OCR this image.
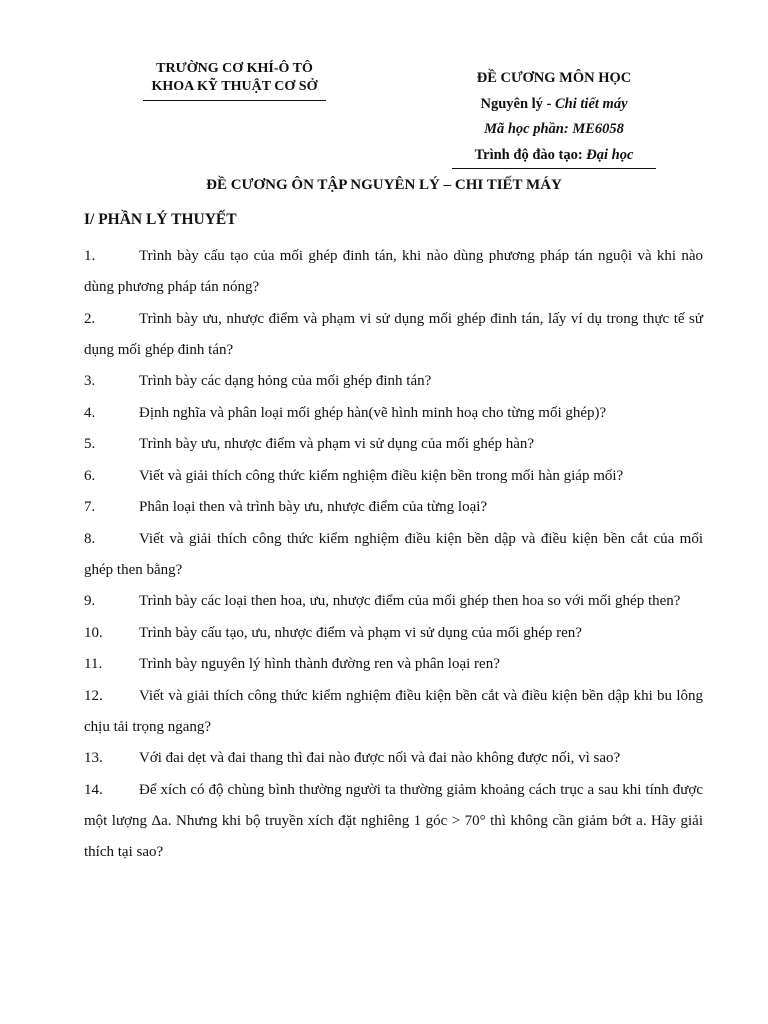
TRƯỜNG CƠ KHÍ-Ô TÔ
KHOA KỸ THUẬT CƠ SỞ
ĐỀ CƯƠNG MÔN HỌC
Nguyên lý - Chi tiết máy
Mã học phần: ME6058
Trình độ đào tạo: Đại học
ĐỀ CƯƠNG ÔN TẬP NGUYÊN LÝ – CHI TIẾT MÁY
I/ PHẦN LÝ THUYẾT
1.	Trình bày cấu tạo của mối ghép đinh tán, khi nào dùng phương pháp tán nguội và khi nào dùng phương pháp tán nóng?
2.	Trình bày ưu, nhược điểm và phạm vi sử dụng mối ghép đinh tán, lấy ví dụ trong thực tế sử dụng mối ghép đinh tán?
3.	Trình bày các dạng hỏng của mối ghép đinh tán?
4.	Định nghĩa và phân loại mối ghép hàn(vẽ hình minh hoạ cho từng mối ghép)?
5.	Trình bày ưu, nhược điểm và phạm vi sử dụng của mối ghép hàn?
6.	Viết và giải thích công thức kiểm nghiệm điều kiện bền trong mối hàn giáp mối?
7.	Phân loại then và trình bày ưu, nhược điểm của từng loại?
8.	Viết và giải thích công thức kiểm nghiệm điều kiện bền dập và điều kiện bền cắt của mối ghép then bằng?
9.	Trình bày các loại then hoa, ưu, nhược điểm của mối ghép then hoa so với mối ghép then?
10. Trình bày cấu tạo, ưu, nhược điểm và phạm vi sử dụng của mối ghép ren?
11. Trình bày nguyên lý hình thành đường ren và phân loại ren?
12. Viết và giải thích công thức kiểm nghiệm điều kiện bền cắt và điều kiện bền dập khi bu lông chịu tải trọng ngang?
13. Với đai dẹt và đai thang thì đai nào được nối và đai nào không được nối, vì sao?
14. Để xích có độ chùng bình thường người ta thường giảm khoảng cách trục a sau khi tính được một lượng Δa. Nhưng khi bộ truyền xích đặt nghiêng 1 góc > 70° thì không cần giảm bớt a. Hãy giải thích tại sao?
